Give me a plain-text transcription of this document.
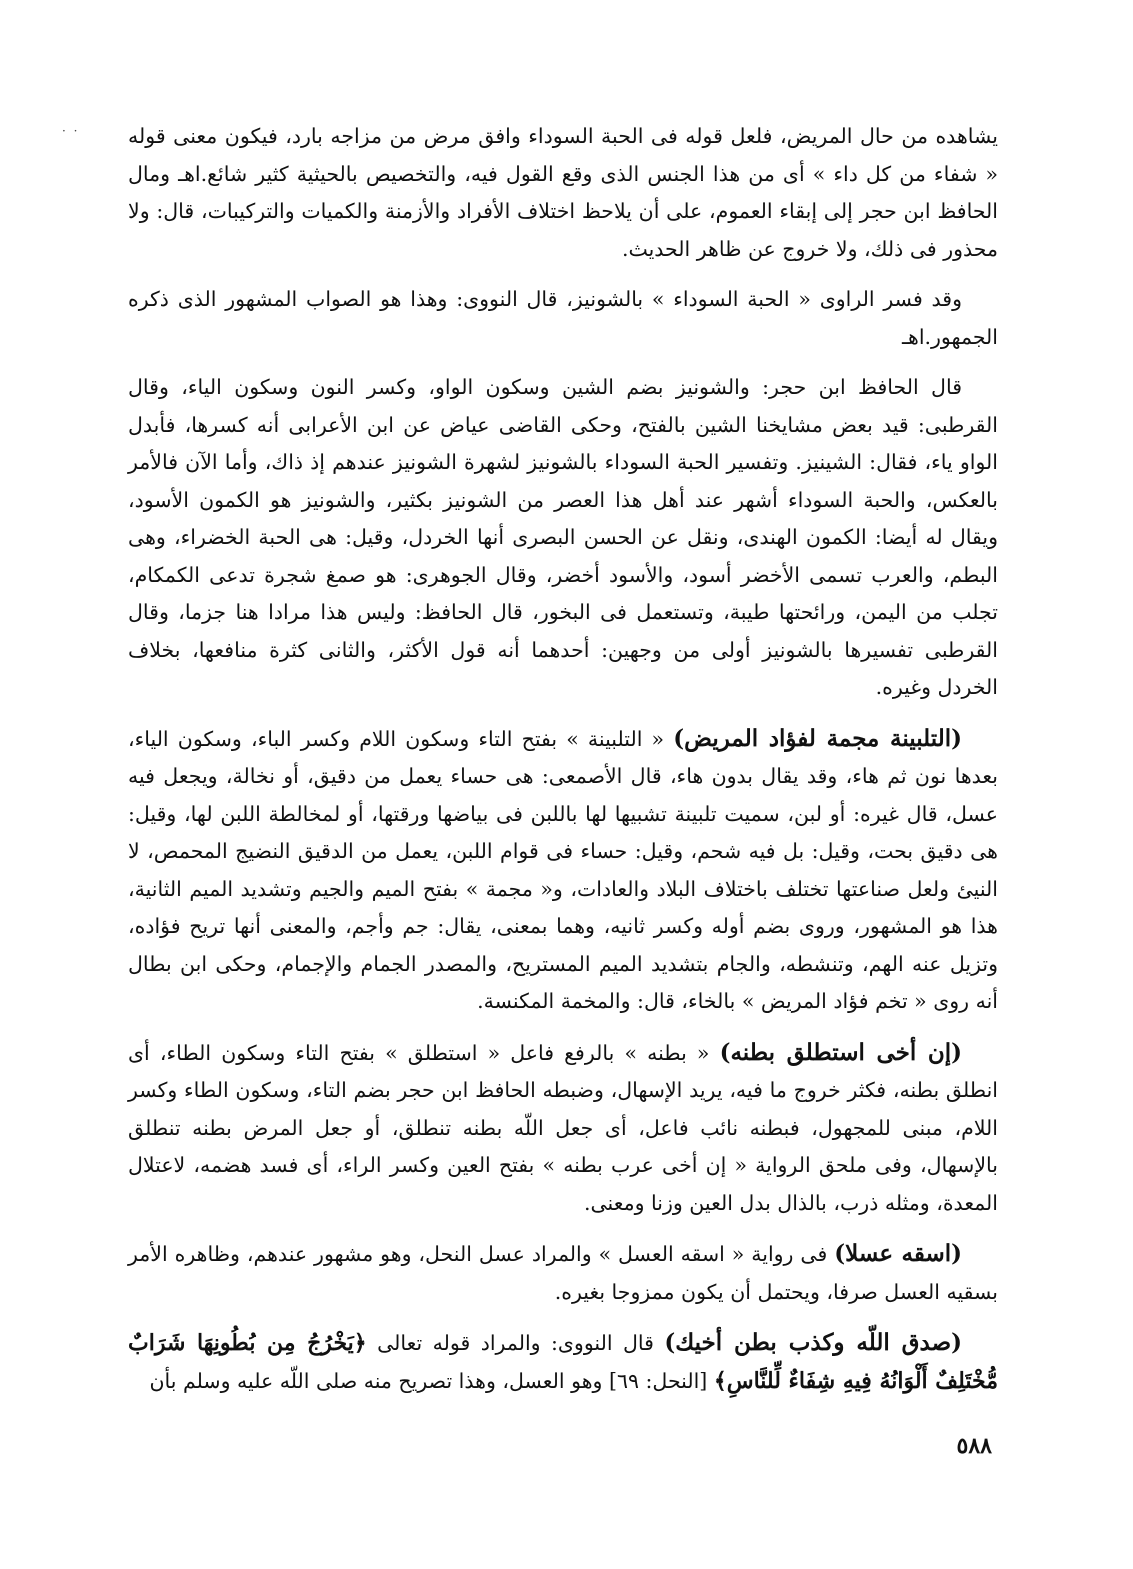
· · يشاهده من حال المريض، فلعل قوله فى الحبة السوداء وافق مرض من مزاجه بارد، فيكون معنى قوله « شفاء من كل داء » أى من هذا الجنس الذى وقع القول فيه، والتخصيص بالحيثية كثير شائع.اهـ ومال الحافظ ابن حجر إلى إبقاء العموم، على أن يلاحظ اختلاف الأفراد والأزمنة والكميات والتركيبات، قال: ولا محذور فى ذلك، ولا خروج عن ظاهر الحديث.

وقد فسر الراوى « الحبة السوداء » بالشونيز، قال النووى: وهذا هو الصواب المشهور الذى ذكره الجمهور.اهـ

قال الحافظ ابن حجر: والشونيز بضم الشين وسكون الواو، وكسر النون وسكون الياء، وقال القرطبى: قيد بعض مشايخنا الشين بالفتح، وحكى القاضى عياض عن ابن الأعرابى أنه كسرها، فأبدل الواو ياء، فقال: الشينيز. وتفسير الحبة السوداء بالشونيز لشهرة الشونيز عندهم إذ ذاك، وأما الآن فالأمر بالعكس، والحبة السوداء أشهر عند أهل هذا العصر من الشونيز بكثير، والشونيز هو الكمون الأسود، ويقال له أيضا: الكمون الهندى، ونقل عن الحسن البصرى أنها الخردل، وقيل: هى الحبة الخضراء، وهى البطم، والعرب تسمى الأخضر أسود، والأسود أخضر، وقال الجوهرى: هو صمغ شجرة تدعى الكمكام، تجلب من اليمن، ورائحتها طيبة، وتستعمل فى البخور، قال الحافظ: وليس هذا مرادا هنا جزما، وقال القرطبى تفسيرها بالشونيز أولى من وجهين: أحدهما أنه قول الأكثر، والثانى كثرة منافعها، بخلاف الخردل وغيره.

(التلبينة مجمة لفؤاد المريض) « التلبينة » بفتح التاء وسكون اللام وكسر الباء، وسكون الياء، بعدها نون ثم هاء، وقد يقال بدون هاء، قال الأصمعى: هى حساء يعمل من دقيق، أو نخالة، ويجعل فيه عسل، قال غيره: أو لبن، سميت تلبينة تشبيها لها باللبن فى بياضها ورقتها، أو لمخالطة اللبن لها، وقيل: هى دقيق بحت، وقيل: بل فيه شحم، وقيل: حساء فى قوام اللبن، يعمل من الدقيق النضيج المحمص، لا النيئ ولعل صناعتها تختلف باختلاف البلاد والعادات، و« مجمة » بفتح الميم والجيم وتشديد الميم الثانية، هذا هو المشهور، وروى بضم أوله وكسر ثانيه، وهما بمعنى، يقال: جم وأجم، والمعنى أنها تريح فؤاده، وتزيل عنه الهم، وتنشطه، والجام بتشديد الميم المستريح، والمصدر الجمام والإجمام، وحكى ابن بطال أنه روى « تخم فؤاد المريض » بالخاء، قال: والمخمة المكنسة.

(إن أخى استطلق بطنه) « بطنه » بالرفع فاعل « استطلق » بفتح التاء وسكون الطاء، أى انطلق بطنه، فكثر خروج ما فيه، يريد الإسهال، وضبطه الحافظ ابن حجر بضم التاء، وسكون الطاء وكسر اللام، مبنى للمجهول، فبطنه نائب فاعل، أى جعل اللّه بطنه تنطلق، أو جعل المرض بطنه تنطلق بالإسهال، وفى ملحق الرواية « إن أخى عرب بطنه » بفتح العين وكسر الراء، أى فسد هضمه، لاعتلال المعدة، ومثله ذرب، بالذال بدل العين وزنا ومعنى.

(اسقه عسلا) فى رواية « اسقه العسل » والمراد عسل النحل، وهو مشهور عندهم، وظاهره الأمر بسقيه العسل صرفا، ويحتمل أن يكون ممزوجا بغيره.

(صدق اللّه وكذب بطن أخيك) قال النووى: والمراد قوله تعالى ﴿يَخْرُجُ مِن بُطُونِهَا شَرَابٌ مُّخْتَلِفٌ أَلْوَانُهُ فِيهِ شِفَاءٌ لِّلنَّاسِ﴾ [النحل: ٦٩] وهو العسل، وهذا تصريح منه صلى اللّه عليه وسلم بأن

٥٨٨
